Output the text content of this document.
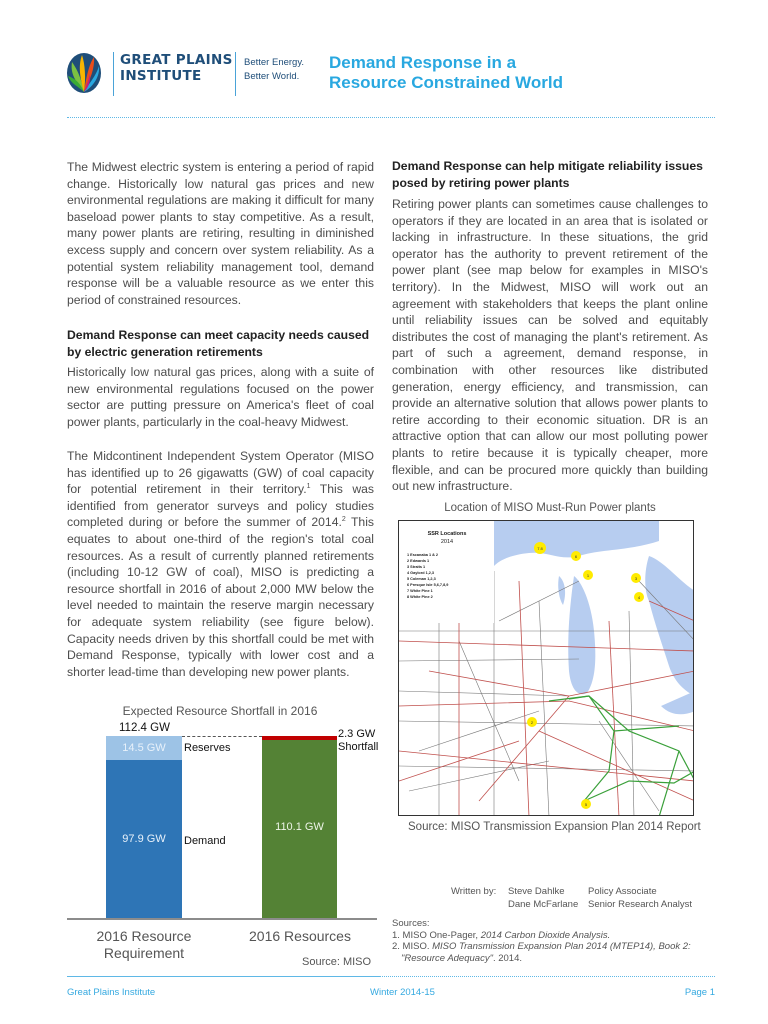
GREAT PLAINS
INSTITUTE
Better Energy.
Better World.
Demand Response in a
Resource Constrained World

The Midwest electric system is entering a period of rapid change. Historically low natural gas prices and new environmental regulations are making it difficult for many baseload power plants to stay competitive. As a result, many power plants are retiring, resulting in diminished excess supply and concern over system reliability. As a potential system reliability management tool, demand response will be a valuable resource as we enter this period of constrained resources.

Demand Response can meet capacity needs caused by electric generation retirements

Historically low natural gas prices, along with a suite of new environmental regulations focused on the power sector are putting pressure on America's fleet of coal power plants, particularly in the coal-heavy Midwest.

The Midcontinent Independent System Operator (MISO has identified up to 26 gigawatts (GW) of coal capacity for potential retirement in their territory.$^1$ This was identified from generator surveys and policy studies completed during or before the summer of 2014.$^2$ This equates to about one-third of the region's total coal resources. As a result of currently planned retirements (including 10-12 GW of coal), MISO is predicting a resource shortfall in 2016 of about 2,000 MW below the level needed to maintain the reserve margin necessary for adequate system reliability (see figure below). Capacity needs driven by this shortfall could be met with Demand Response, typically with lower cost and a shorter lead-time than developing new power plants.

Expected Resource Shortfall in 2016
112.4 GW
14.5 GW
97.9 GW
Reserves
Demand
110.1 GW
2.3 GW
Shortfall
2016 Resource
Requirement
2016 Resources
Source: MISO
Demand Response can help mitigate reliability issues posed by retiring power plants

Retiring power plants can sometimes cause challenges to operators if they are located in an area that is isolated or lacking in infrastructure. In these situations, the grid operator has the authority to prevent retirement of the power plant (see map below for examples in MISO's territory). In the Midwest, MISO will work out an agreement with stakeholders that keeps the plant online until reliability issues can be solved and equitably distributes the cost of managing the plant's retirement. As part of such a agreement, demand response, in combination with other resources like distributed generation, energy efficiency, and transmission, can provide an alternative solution that allows power plants to retire according to their economic situation. DR is an attractive option that can allow our most polluting power plants to retire because it is typically cheaper, more flexible, and can be procured more quickly than building out new infrastructure.

Location of MISO Must-Run Power plants
SSR Locations
2014
1 Escanaba 1 & 2
2 Edwards 1
3 Straits 1
4 Gaylord 1,2,3
5 Coleman 1,2,3
6 Presque Isle 5,6,7,8,9
7 White Pine 1
8 White Pine 2
7 8
6
1
3
4
2
5
Source: MISO Transmission Expansion Plan 2014 Report
Written by: Steve Dahlke Policy Associate
Dane McFarlane Senior Research Analyst
Sources:
1. MISO One-Pager, 2014 Carbon Dioxide Analysis.
2. MISO. MISO Transmission Expansion Plan 2014 (MTEP14), Book 2: "Resource Adequacy". 2014.
Great Plains Institute	Winter 2014-15	Page 1
